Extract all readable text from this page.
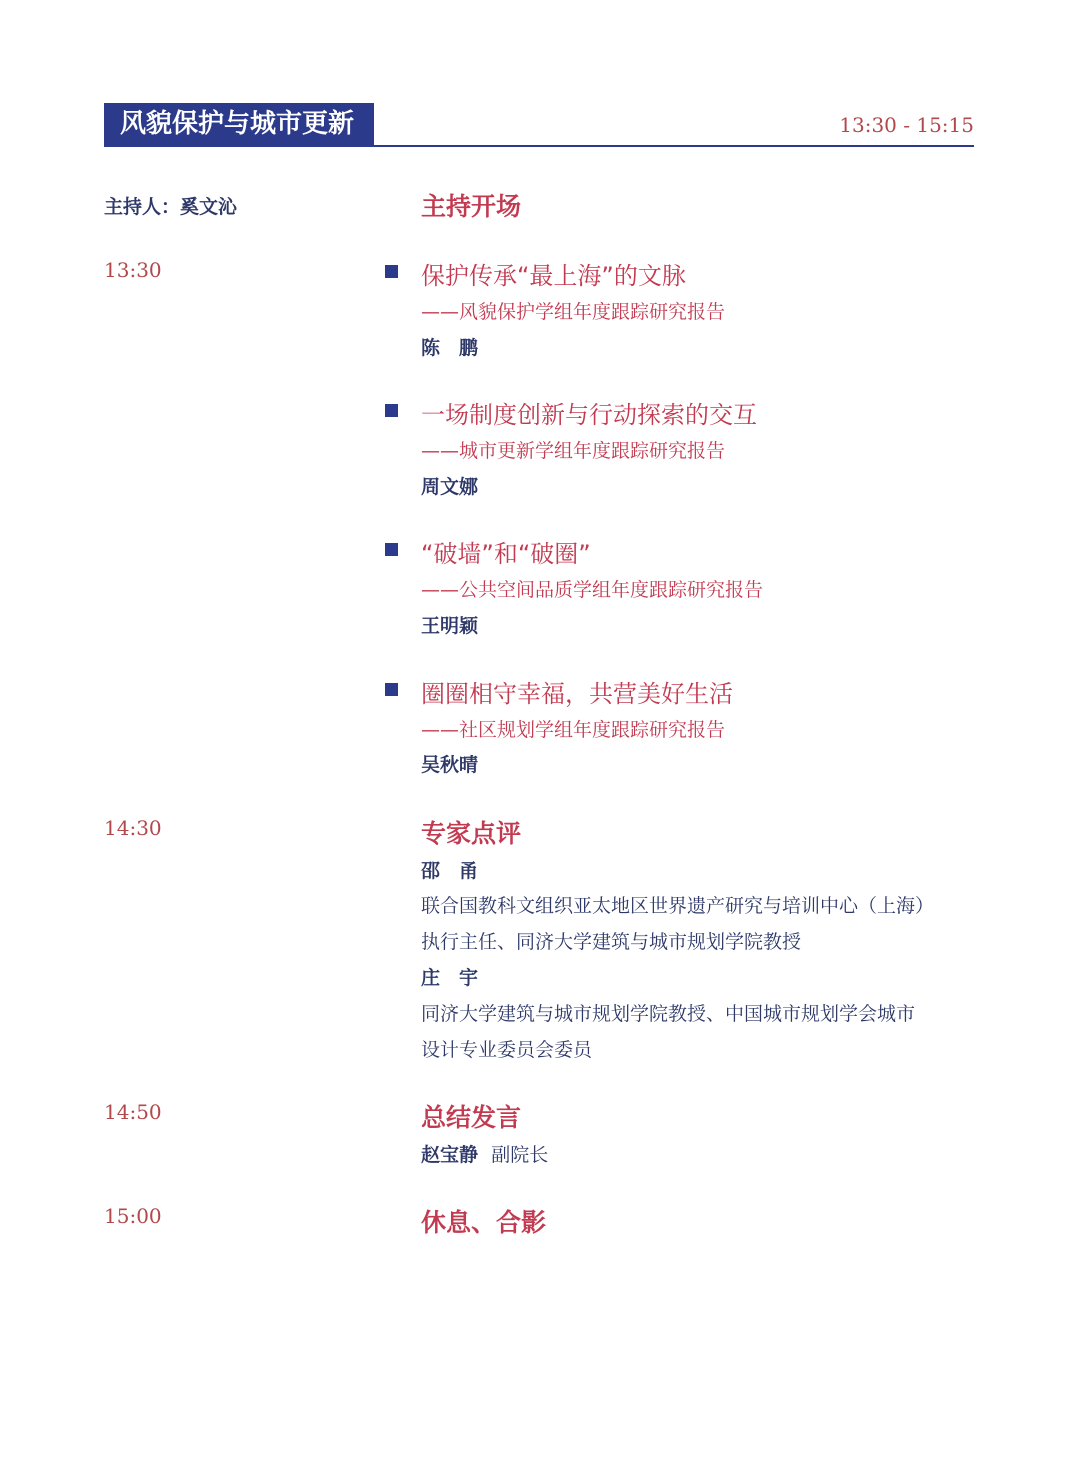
风貌保护与城市更新	13:30 - 15:15
主持人：奚文沁	主持开场
13:30	保护传承“最上海”的文脉
——风貌保护学组年度跟踪研究报告
陈　鹏
一场制度创新与行动探索的交互
——城市更新学组年度跟踪研究报告
周文娜
“破墙”和“破圈”
——公共空间品质学组年度跟踪研究报告
王明颖
圈圈相守幸福，共营美好生活
——社区规划学组年度跟踪研究报告
吴秋晴
14:30	专家点评
邵　甬
联合国教科文组织亚太地区世界遗产研究与培训中心（上海）
执行主任、同济大学建筑与城市规划学院教授
庄　宇
同济大学建筑与城市规划学院教授、中国城市规划学会城市
设计专业委员会委员
14:50	总结发言
赵宝静 副院长
15:00	休息、合影
